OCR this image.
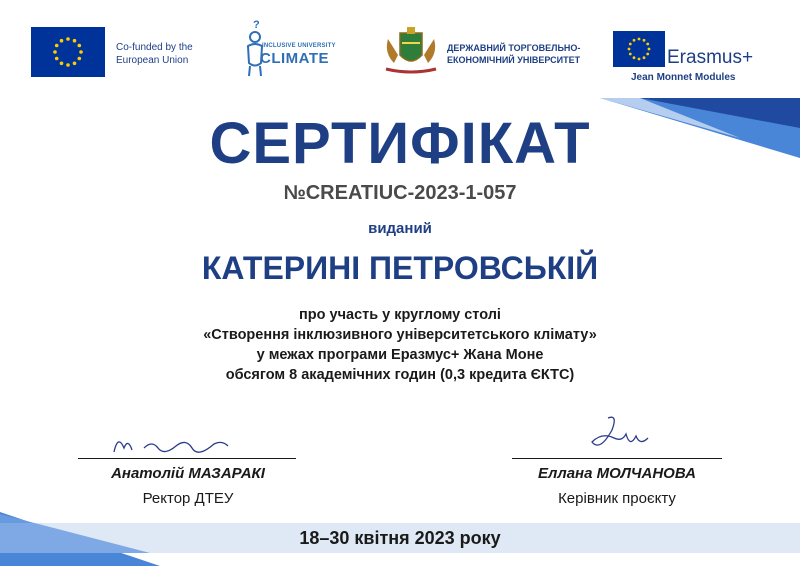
Co-funded by the
European Union
?
INCLUSIVE UNIVERSITY
CLIMATE
ДЕРЖАВНИЙ ТОРГОВЕЛЬНО-
ЕКОНОМІЧНИЙ УНІВЕРСИТЕТ	Erasmus+
Jean Monnet Modules
СЕРТИФІКАТ
№CREATIUC-2023-1-057
виданий
КАТЕРИНІ ПЕТРОВСЬКІЙ
про участь у круглому столі
«Створення інклюзивного університетського клімату»
у межах програми Еразмус+ Жана Моне
обсягом 8 академічних годин (0,3 кредита ЄКТС)
Анатолій МАЗАРАКІ
Ректор ДТЕУ
Еллана МОЛЧАНОВА
Керівник проєкту
18–30 квітня 2023 року
